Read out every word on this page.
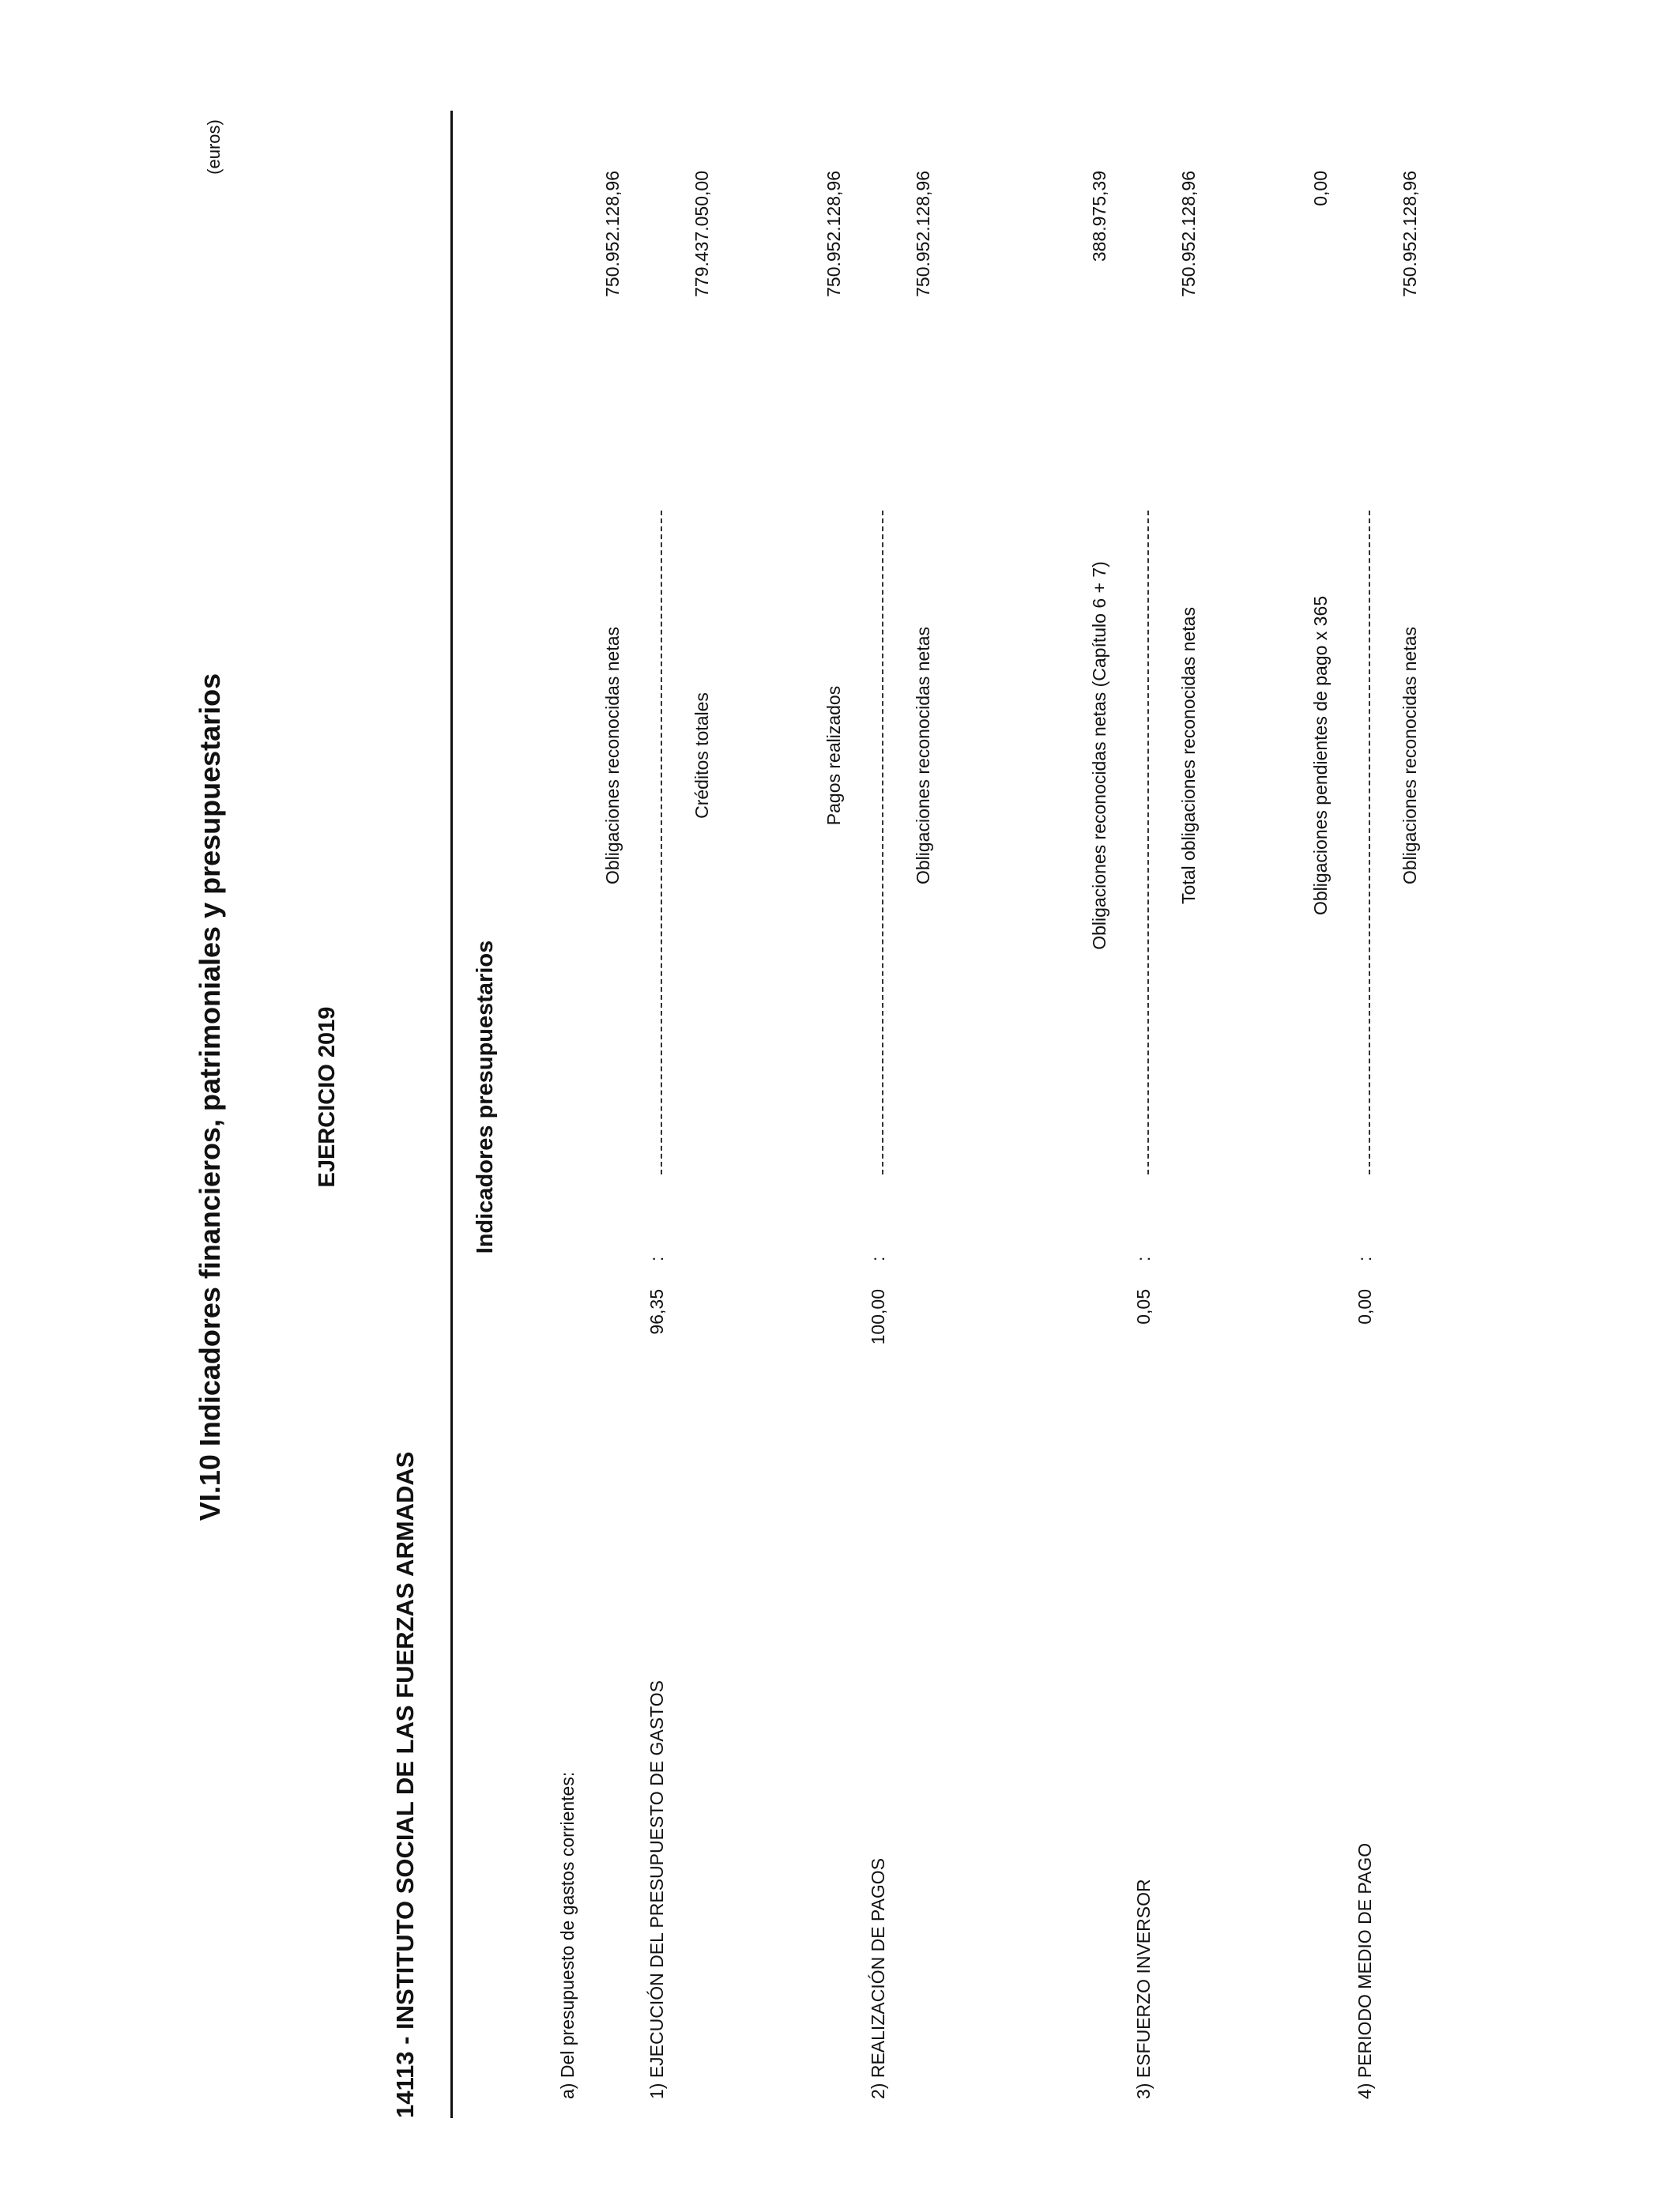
VI.10 Indicadores financieros, patrimoniales y presupuestarios	EJERCICIO 2019
14113 - INSTITUTO SOCIAL DE LAS FUERZAS ARMADAS
(euros)
Indicadores presupuestarios
a) Del presupuesto de gastos corrientes:
Obligaciones reconocidas netas
750.952.128,96
1) EJECUCIÓN DEL PRESUPUESTO DE GASTOS
96,35
:
Créditos totales
779.437.050,00
Pagos realizados
750.952.128,96
2) REALIZACIÓN DE PAGOS
100,00
:
Obligaciones reconocidas netas
750.952.128,96
Obligaciones reconocidas netas (Capítulo 6 + 7)
388.975,39
3) ESFUERZO INVERSOR
0,05
:
Total obligaciones reconocidas netas
750.952.128,96
Obligaciones pendientes de pago x 365
0,00
4) PERIODO MEDIO DE PAGO
0,00
:
Obligaciones reconocidas netas
750.952.128,96
